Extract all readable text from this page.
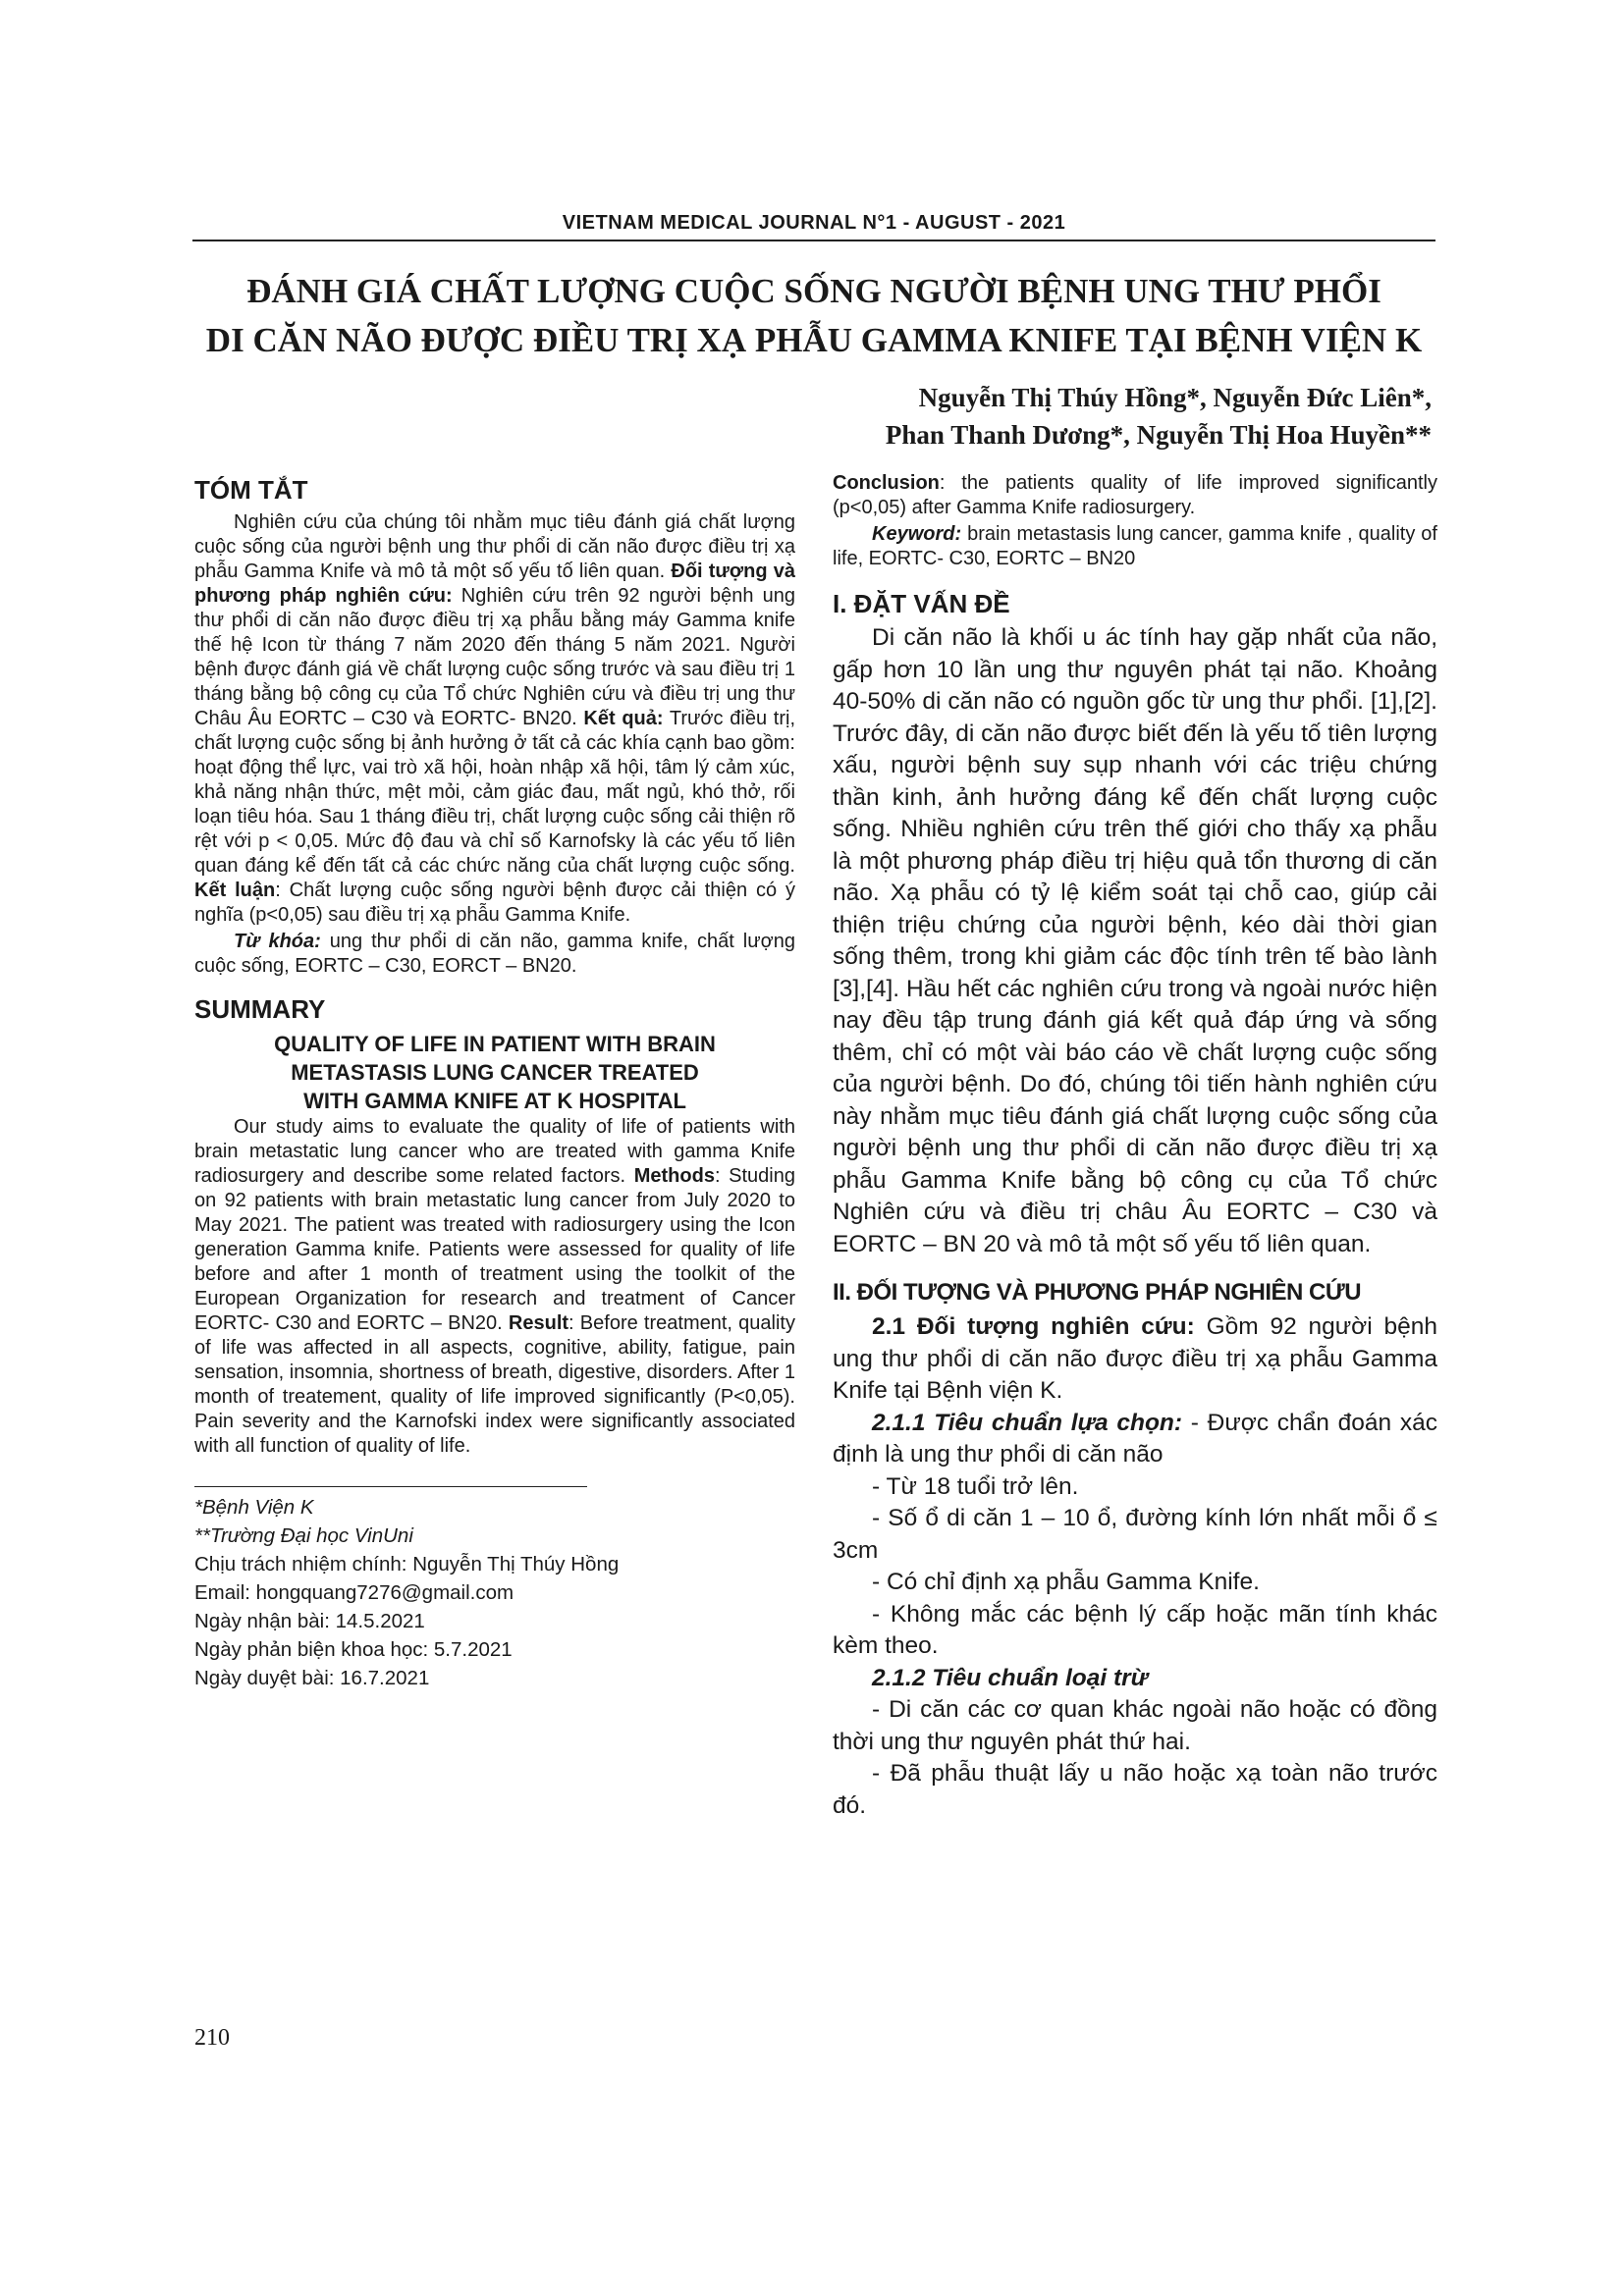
VIETNAM MEDICAL JOURNAL N°1 - AUGUST - 2021
ĐÁNH GIÁ CHẤT LƯỢNG CUỘC SỐNG NGƯỜI BỆNH UNG THƯ PHỔI
DI CĂN NÃO ĐƯỢC ĐIỀU TRỊ XẠ PHẪU GAMMA KNIFE TẠI BỆNH VIỆN K
Nguyễn Thị Thúy Hồng*, Nguyễn Đức Liên*,
Phan Thanh Dương*, Nguyễn Thị Hoa Huyền**
TÓM TẮT

Nghiên cứu của chúng tôi nhằm mục tiêu đánh giá chất lượng cuộc sống của người bệnh ung thư phổi di căn não được điều trị xạ phẫu Gamma Knife và mô tả một số yếu tố liên quan. Đối tượng và phương pháp nghiên cứu: Nghiên cứu trên 92 người bệnh ung thư phổi di căn não được điều trị xạ phẫu bằng máy Gamma knife thế hệ Icon từ tháng 7 năm 2020 đến tháng 5 năm 2021. Người bệnh được đánh giá về chất lượng cuộc sống trước và sau điều trị 1 tháng bằng bộ công cụ của Tổ chức Nghiên cứu và điều trị ung thư Châu Âu EORTC – C30 và EORTC- BN20. Kết quả: Trước điều trị, chất lượng cuộc sống bị ảnh hưởng ở tất cả các khía cạnh bao gồm: hoạt động thể lực, vai trò xã hội, hoàn nhập xã hội, tâm lý cảm xúc, khả năng nhận thức, mệt mỏi, cảm giác đau, mất ngủ, khó thở, rối loạn tiêu hóa. Sau 1 tháng điều trị, chất lượng cuộc sống cải thiện rõ rệt với p < 0,05. Mức độ đau và chỉ số Karnofsky là các yếu tố liên quan đáng kể đến tất cả các chức năng của chất lượng cuộc sống. Kết luận: Chất lượng cuộc sống người bệnh được cải thiện có ý nghĩa (p<0,05) sau điều trị xạ phẫu Gamma Knife.

Từ khóa: ung thư phổi di căn não, gamma knife, chất lượng cuộc sống, EORTC – C30, EORCT – BN20.

SUMMARY
QUALITY OF LIFE IN PATIENT WITH BRAIN
METASTASIS LUNG CANCER TREATED
WITH GAMMA KNIFE AT K HOSPITAL

Our study aims to evaluate the quality of life of patients with brain metastatic lung cancer who are treated with gamma Knife radiosurgery and describe some related factors. Methods: Studing on 92 patients with brain metastatic lung cancer from July 2020 to May 2021. The patient was treated with radiosurgery using the Icon generation Gamma knife. Patients were assessed for quality of life before and after 1 month of treatment using the toolkit of the European Organization for research and treatment of Cancer EORTC- C30 and EORTC – BN20. Result: Before treatment, quality of life was affected in all aspects, cognitive, ability, fatigue, pain sensation, insomnia, shortness of breath, digestive, disorders. After 1 month of treatement, quality of life improved significantly (P<0,05). Pain severity and the Karnofski index were significantly associated with all function of quality of life.

*Bệnh Viện K
**Trường Đại học VinUni
Chịu trách nhiệm chính: Nguyễn Thị Thúy Hồng
Email: hongquang7276@gmail.com
Ngày nhận bài: 14.5.2021
Ngày phản biện khoa học: 5.7.2021
Ngày duyệt bài: 16.7.2021

Conclusion: the patients quality of life improved significantly (p<0,05) after Gamma Knife radiosurgery.

Keyword: brain metastasis lung cancer, gamma knife , quality of life, EORTC- C30, EORTC – BN20

I. ĐẶT VẤN ĐỀ

Di căn não là khối u ác tính hay gặp nhất của não, gấp hơn 10 lần ung thư nguyên phát tại não. Khoảng 40-50% di căn não có nguồn gốc từ ung thư phổi. [1],[2]. Trước đây, di căn não được biết đến là yếu tố tiên lượng xấu, người bệnh suy sụp nhanh với các triệu chứng thần kinh, ảnh hưởng đáng kể đến chất lượng cuộc sống. Nhiều nghiên cứu trên thế giới cho thấy xạ phẫu là một phương pháp điều trị hiệu quả tổn thương di căn não. Xạ phẫu có tỷ lệ kiểm soát tại chỗ cao, giúp cải thiện triệu chứng của người bệnh, kéo dài thời gian sống thêm, trong khi giảm các độc tính trên tế bào lành [3],[4]. Hầu hết các nghiên cứu trong và ngoài nước hiện nay đều tập trung đánh giá kết quả đáp ứng và sống thêm, chỉ có một vài báo cáo về chất lượng cuộc sống của người bệnh. Do đó, chúng tôi tiến hành nghiên cứu này nhằm mục tiêu đánh giá chất lượng cuộc sống của người bệnh ung thư phổi di căn não được điều trị xạ phẫu Gamma Knife bằng bộ công cụ của Tổ chức Nghiên cứu và điều trị châu Âu EORTC – C30 và EORTC – BN 20 và mô tả một số yếu tố liên quan.

II. ĐỐI TƯỢNG VÀ PHƯƠNG PHÁP NGHIÊN CỨU

2.1 Đối tượng nghiên cứu: Gồm 92 người bệnh ung thư phổi di căn não được điều trị xạ phẫu Gamma Knife tại Bệnh viện K.

2.1.1 Tiêu chuẩn lựa chọn: - Được chẩn đoán xác định là ung thư phổi di căn não

- Từ 18 tuổi trở lên.

- Số ổ di căn 1 – 10 ổ, đường kính lớn nhất mỗi ổ ≤ 3cm

- Có chỉ định xạ phẫu Gamma Knife.

- Không mắc các bệnh lý cấp hoặc mãn tính khác kèm theo.

2.1.2 Tiêu chuẩn loại trừ

- Di căn các cơ quan khác ngoài não hoặc có đồng thời ung thư nguyên phát thứ hai.

- Đã phẫu thuật lấy u não hoặc xạ toàn não trước đó.

210
